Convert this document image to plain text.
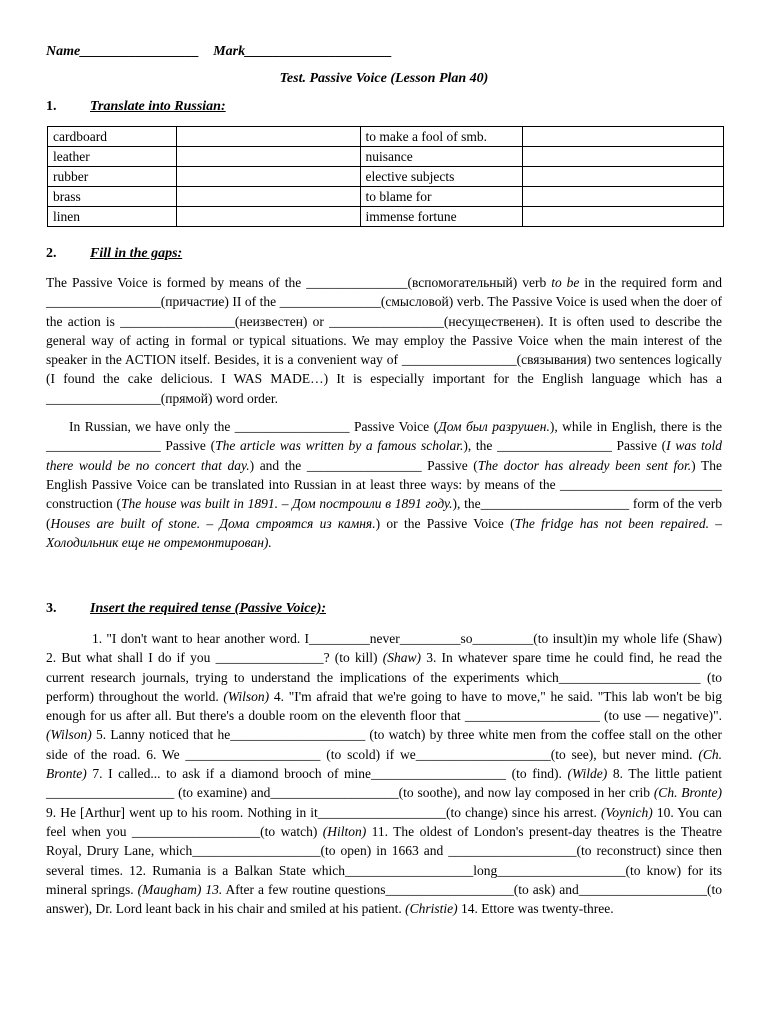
Name_________________ Mark_____________________
Test. Passive Voice (Lesson Plan 40)
1. Translate into Russian:
cardboard		to make a fool of smb.	
leather		nuisance	
rubber		elective subjects	
brass		to blame for	
linen		immense fortune	
2. Fill in the gaps:

The Passive Voice is formed by means of the _______________(вспомогательный) verb to be in the required form and _________________(причастие) II of the _______________(смысловой) verb. The Passive Voice is used when the doer of the action is _________________(неизвестен) or _________________(несущественен). It is often used to describe the general way of acting in formal or typical situations. We may employ the Passive Voice when the main interest of the speaker in the ACTION itself. Besides, it is a convenient way of _________________(связывания) two sentences logically (I found the cake delicious. I WAS MADE…) It is especially important for the English language which has a _________________(прямой) word order.

In Russian, we have only the _________________ Passive Voice (Дом был разрушен.), while in English, there is the _________________ Passive (The article was written by a famous scholar.), the _________________ Passive (I was told there would be no concert that day.) and the _________________ Passive (The doctor has already been sent for.) The English Passive Voice can be translated into Russian in at least three ways: by means of the ________________________ construction (The house was built in 1891. – Дом построили в 1891 году.), the______________________ form of the verb (Houses are built of stone. – Дома строятся из камня.) or the Passive Voice (The fridge has not been repaired. – Холодильник еще не отремонтирован).

3. Insert the required tense (Passive Voice):

1. "I don't want to hear another word. I_________never_________so_________(to insult)in my whole life (Shaw) 2. But what shall I do if you ________________? (to kill) (Shaw) 3. In whatever spare time he could find, he read the current research journals, trying to understand the implications of the experiments which_____________________ (to perform) throughout the world. (Wilson) 4. "I'm afraid that we're going to have to move," he said. "This lab won't be big enough for us after all. But there's a double room on the eleventh floor that ____________________ (to use — negative)". (Wilson) 5. Lanny noticed that he____________________ (to watch) by three white men from the coffee stall on the other side of the road. 6. We ____________________ (to scold) if we____________________(to see), but never mind. (Ch. Bronte) 7. I called... to ask if a diamond brooch of mine____________________ (to find). (Wilde) 8. The little patient ___________________ (to examine) and___________________(to soothe), and now lay composed in her crib (Ch. Bronte) 9. He [Arthur] went up to his room. Nothing in it___________________(to change) since his arrest. (Voynich) 10. You can feel when you ___________________(to watch) (Hilton) 11. The oldest of London's present-day theatres is the Theatre Royal, Drury Lane, which___________________(to open) in 1663 and ___________________(to reconstruct) since then several times. 12. Rumania is a Balkan State which___________________long___________________(to know) for its mineral springs. (Maugham) 13. After a few routine questions___________________(to ask) and___________________(to answer), Dr. Lord leant back in his chair and smiled at his patient. (Christie) 14. Ettore was twenty-three.
